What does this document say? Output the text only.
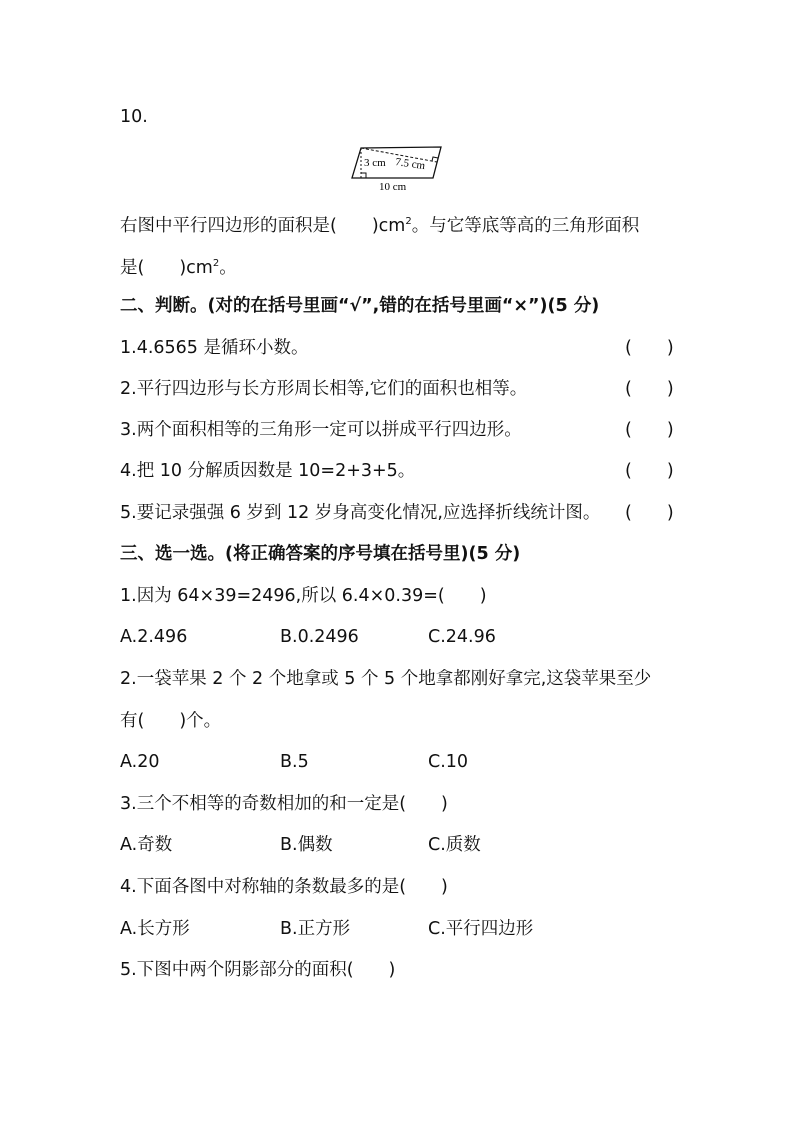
10.
3 cm 7.5 cm
10 cm
右图中平行四边形的面积是(　　)$cm^2$。与它等底等高的三角形面积
是(　　)$cm^2$。
二、判断。(对的在括号里画“√”,错的在括号里画“×”)(5 分)
1.4.6565 是循环小数。	(　　)
2.平行四边形与长方形周长相等,它们的面积也相等。	(　　)
3.两个面积相等的三角形一定可以拼成平行四边形。	(　　)
4.把 10 分解质因数是 10=2+3+5。	(　　)
5.要记录强强 6 岁到 12 岁身高变化情况,应选择折线统计图。 (　　)
三、选一选。(将正确答案的序号填在括号里)(5 分)
1.因为 64×39=2496,所以 6.4×0.39=(　　)
A.2.496	B.0.2496	C.24.96
2.一袋苹果 2 个 2 个地拿或 5 个 5 个地拿都刚好拿完,这袋苹果至少
有(　　)个。
A.20	B.5	C.10
3.三个不相等的奇数相加的和一定是(　　)
A.奇数	B.偶数	C.质数
4.下面各图中对称轴的条数最多的是(　　)
A.长方形	B.正方形	C.平行四边形
5.下图中两个阴影部分的面积(　　)
